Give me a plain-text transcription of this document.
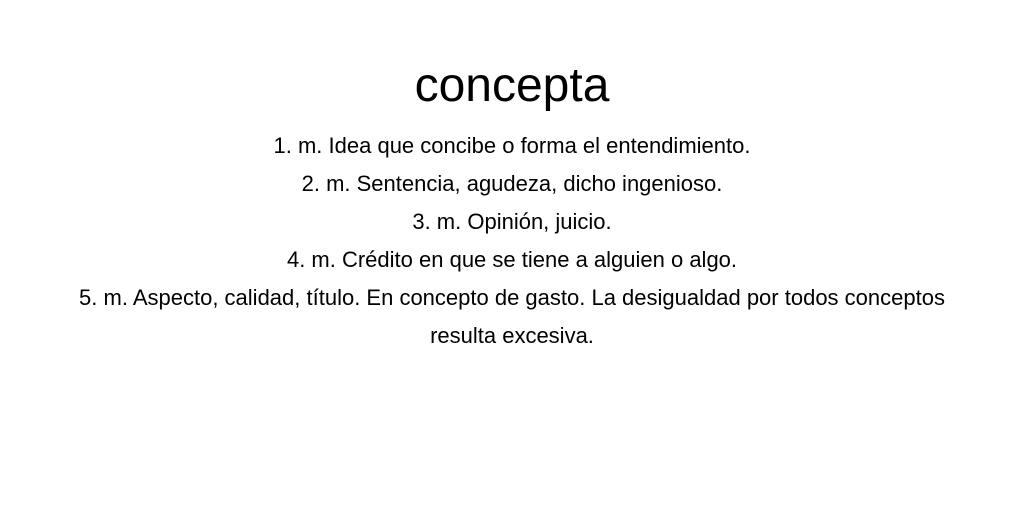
concepta
1. m. Idea que concibe o forma el entendimiento.
2. m. Sentencia, agudeza, dicho ingenioso.
3. m. Opinión, juicio.
4. m. Crédito en que se tiene a alguien o algo.
5. m. Aspecto, calidad, título. En concepto de gasto. La desigualdad por todos conceptos resulta excesiva.
